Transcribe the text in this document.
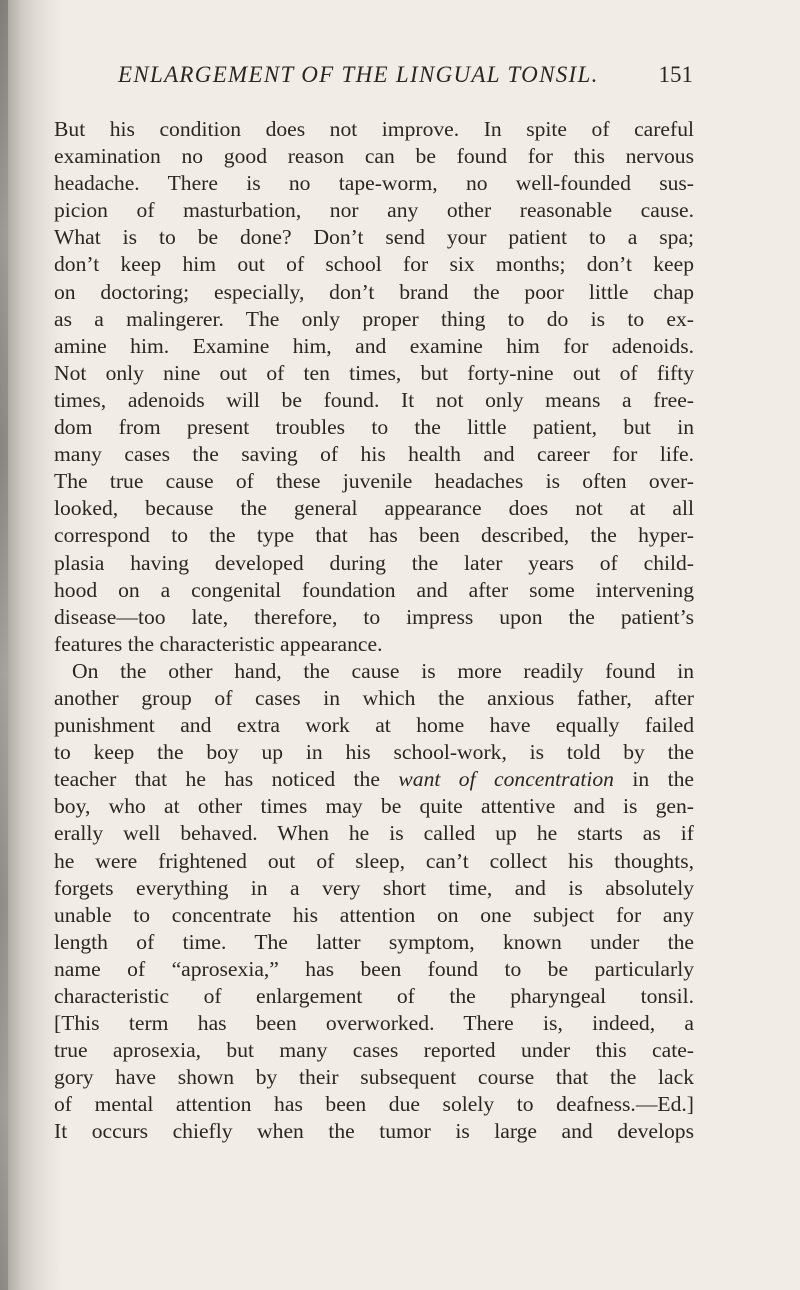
ENLARGEMENT OF THE LINGUAL TONSIL.	151
But his condition does not improve. In spite of careful
examination no good reason can be found for this nervous
headache. There is no tape-worm, no well-founded sus-
picion of masturbation, nor any other reasonable cause.
What is to be done? Don’t send your patient to a spa;
don’t keep him out of school for six months; don’t keep
on doctoring; especially, don’t brand the poor little chap
as a malingerer. The only proper thing to do is to ex-
amine him. Examine him, and examine him for adenoids.
Not only nine out of ten times, but forty-nine out of fifty
times, adenoids will be found. It not only means a free-
dom from present troubles to the little patient, but in
many cases the saving of his health and career for life.
The true cause of these juvenile headaches is often over-
looked, because the general appearance does not at all
correspond to the type that has been described, the hyper-
plasia having developed during the later years of child-
hood on a congenital foundation and after some intervening
disease—too late, therefore, to impress upon the patient’s
features the characteristic appearance.
On the other hand, the cause is more readily found in
another group of cases in which the anxious father, after
punishment and extra work at home have equally failed
to keep the boy up in his school-work, is told by the
teacher that he has noticed the want of concentration in the
boy, who at other times may be quite attentive and is gen-
erally well behaved. When he is called up he starts as if
he were frightened out of sleep, can’t collect his thoughts,
forgets everything in a very short time, and is absolutely
unable to concentrate his attention on one subject for any
length of time. The latter symptom, known under the
name of “aprosexia,” has been found to be particularly
characteristic of enlargement of the pharyngeal tonsil.
[This term has been overworked. There is, indeed, a
true aprosexia, but many cases reported under this cate-
gory have shown by their subsequent course that the lack
of mental attention has been due solely to deafness.—Ed.]
It occurs chiefly when the tumor is large and develops
